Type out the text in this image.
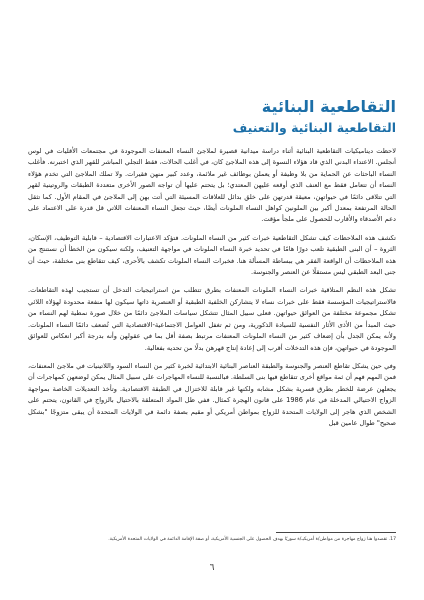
التقاطعية البنائية
التقاطعية البنائية والتعنيف

لاحظت ديناميكيات التقاطعية البنائية أثناء دراسة ميدانية قصيرة لملاجئ النساء المعنفات الموجودة في مجتمعات الأقليات في لوس أنجلس. الاعتداء البدني الذي قاد هؤلاء النسوة إلى هذه الملاجئ كان، في أغلب الحالات، فقط التجلي المباشر للقهر الذي اختبرنه. فأغلب النساء الباحثات عن الحماية من بلا وظيفة أو يعملن بوظائف غير ملائمة، وعدد كبير منهن فقيرات. ولا تملك الملاجئ التي تخدم هؤلاء النساء أن تتعامل فقط مع العنف الذي أوقعه عليهن المعتدي؛ بل يتحتم عليها أن تواجه الصور الأخرى متعددة الطبقات والروتينية لقهر التي تتلاقى دائمًا في حيواتهن، معيقة قدرتهن على خلق بدائل للعلاقات المسيئة التي أتت بهن إلى الملاجئ في المقام الأول. كما تثقل الحالة المرتفعة بمعدل أكبر بين الملونين كواهل النساء الملونات أيضًا، حيث تجعل النساء المعنفات اللاتي قل قدرة على الاعتماد على دعم الأصدقاء والأقارب للحصول على ملجأ مؤقت.

تكشف هذه الملاحظات كيف تشكل التقاطعية خبرات كثير من النساء الملونات. فتؤكد الاعتبارات الاقتصادية – قابلية التوظيف، الإسكان، الثروة – أن البنى الطبقية تلعب دورًا هامًا في تحديد خبرة النساء الملونات في مواجهة التعنيف، ولكنه سيكون من الخطأ أن نستنتج من هذه الملاحظات أن الواقعة الفقر هي ببساطة المسألة هنا. فخبرات النساء الملونات تكشف بالأحرى، كيف تتقاطع بنى مختلفة، حيث أن جنى البعد الطبقي ليس مستقلًا عن العنصر والجنوسة.

تشكل هذه النظم المتلاقية خبرات النساء الملونات المعنفات بطرق تتطلب من استراتيجيات التدخل أن تستجيب لهذه التقاطعات. فالاستراتيجيات المؤسسة فقط على خبرات نساء لا يتشاركن الخلفية الطبقية أو العنصرية ذاتها سيكون لها منفعة محدودة لهؤلاء اللائي تشكل مجموعة مختلفة من العوائق حيواتهن. فعلى سبيل المثال تتشكل سياسات الملاجئ دائمًا من خلال صورة نمطية لهم النساء من حيث المبدأ من الأذى الأثار النفسية للسيادة الذكورية، ومن ثم تغفل العوامل الاجتماعية-الاقتصادية التي تُضعف دائمًا النساء الملونات. ولأنه يمكن الجدل بأن إضعاف كثير من النساء الملونات المعنفات مرتبط بصفة أقل بما في عقولهن وأنه بدرجة أكبر انعكاس للعوائق الموجودة في حيواتهن، فإن هذه التدخلات أقرب إلى إعادة إنتاج قهرهن بدلًا من تحديه بفعالية.

وفي حين يشكل تقاطع العنصر والجنوسة والطبقة العناصر البنائية الابتدائية لخبرة كثير من النساء السود واللاتينيات في ملاجئ المعنفات، فمن المهم فهم أن ثمة مواقع أخرى تتقاطع فيها بنى السلطة. فبالنسبة للنساء المهاجرات على سبيل المثال يمكن لوضعهن كمهاجرات أن يجعلهن عرضة للخطر بطرق قسرية بشكل مشابه ولكنها غير قابلة للاختزال في الطبقة الاقتصادية. وتأخذ التعديلات الخاصة بمواجهة الزواج الاحتيالي المدخلة في عام 1986 على قانون الهجرة كمثال. ففي ظل المواد المتعلقة بالاحتيال بالزواج في القانون، يتحتم على الشخص الذي هاجر إلى الولايات المتحدة للزواج بمواطن أمريكي أو مقيم بصفة دائمة في الولايات المتحدة أن يبقى متزوجًا "بشكل صحيح" طوال عامين قبل

17. تقصدوا هنا زواج مهاجرة من مواطن/ة أمريكيـ/ة سوريًا بهدف الحصول على الجنسية الأمريكية، أو صفة الإقامة الدائمة في الولايات المتحدة الأمريكية.
٦
